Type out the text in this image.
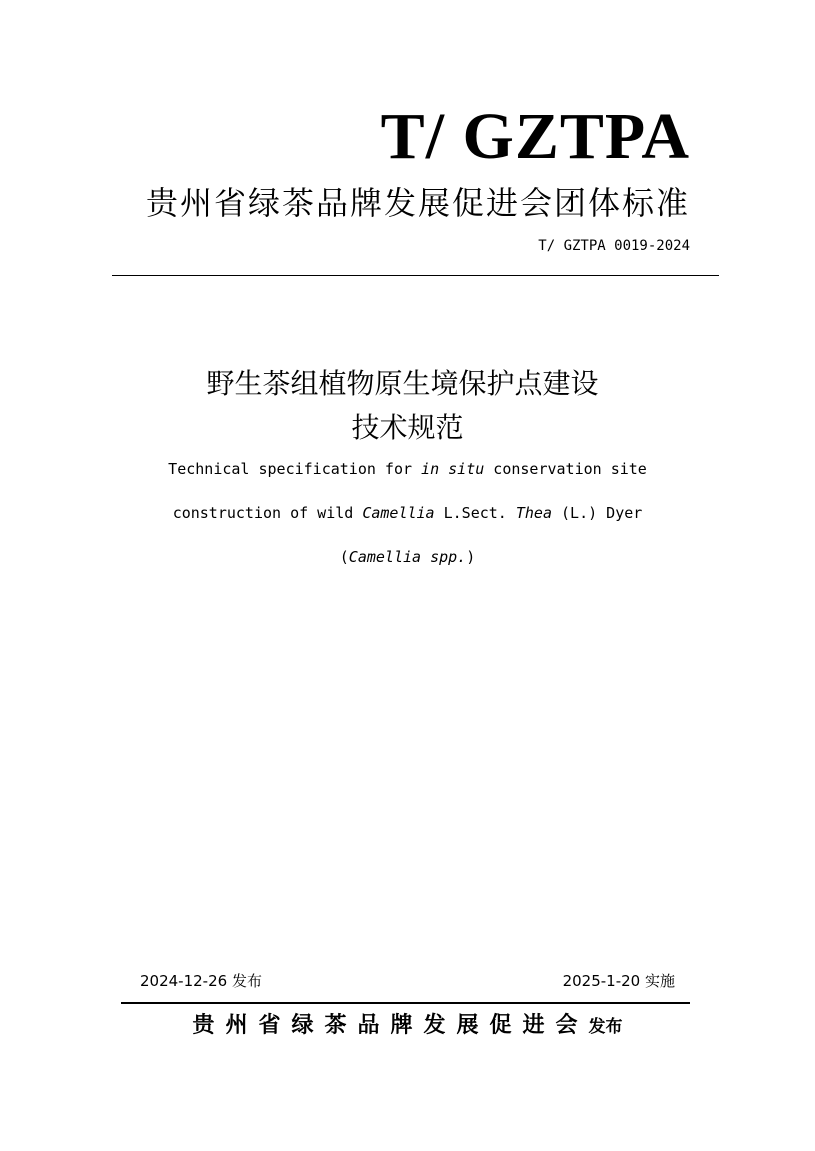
T/ GZTPA
贵州省绿茶品牌发展促进会团体标准
T/ GZTPA 0019-2024
野生茶组植物原生境保护点建设
技术规范
Technical specification for in situ conservation site
construction of wild Camellia L.Sect. Thea (L.) Dyer
(Camellia spp.)
2024-12-26 发布	2025-1-20 实施
贵州省绿茶品牌发展促进会发布
